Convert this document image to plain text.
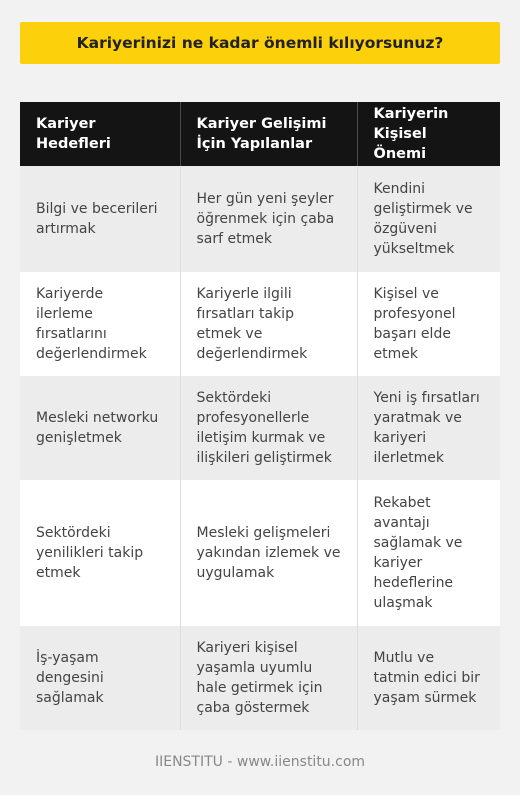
Kariyerinizi ne kadar önemli kılıyorsunuz?
Kariyer Hedefleri	Kariyer Gelişimi İçin Yapılanlar	Kariyerin Kişisel Önemi
Bilgi ve becerileri artırmak	Her gün yeni şeyler öğrenmek için çaba sarf etmek	Kendini geliştirmek ve özgüveni yükseltmek
Kariyerde ilerleme fırsatlarını değerlendirmek	Kariyerle ilgili fırsatları takip etmek ve değerlendirmek	Kişisel ve profesyonel başarı elde etmek
Mesleki networku genişletmek	Sektördeki profesyonellerle iletişim kurmak ve ilişkileri geliştirmek	Yeni iş fırsatları yaratmak ve kariyeri ilerletmek
Sektördeki yenilikleri takip etmek	Mesleki gelişmeleri yakından izlemek ve uygulamak	Rekabet avantajı sağlamak ve kariyer hedeflerine ulaşmak
İş-yaşam dengesini sağlamak	Kariyeri kişisel yaşamla uyumlu hale getirmek için çaba göstermek	Mutlu ve tatmin edici bir yaşam sürmek
IIENSTITU - www.iienstitu.com
